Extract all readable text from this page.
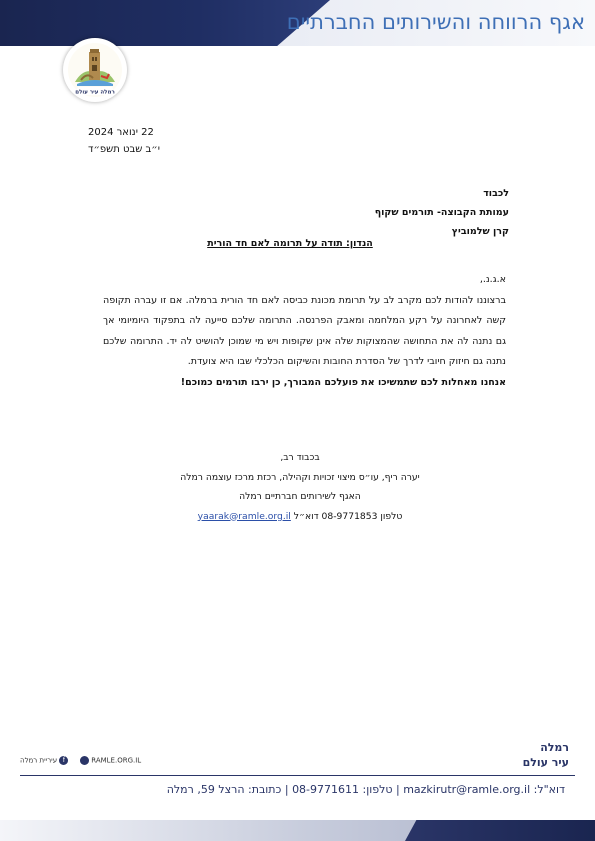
אגף הרווחה והשירותים החברתיים
רמלה עיר עולם
22 ינואר 2024
י״ב שבט תשפ״ד
לכבוד
עמותת הקבוצה- תורמים שקוף
קרן שלמוביץ
הנדון: תודה על תרומה לאם חד הורית

א.ג.נ.,

ברצוננו להודות לכם מקרב לב על תרומת מכונת כביסה לאם חד הורית ברמלה. אם זו עברה תקופה קשה לאחרונה על רקע המלחמה ומאבק הפרנסה. התרומה שלכם סייעה לה בתפקוד היומיומי אך גם נתנה לה את התחושה שהמצוקות שלה אינן שקופות ויש מי שמוכן להושיט לה יד. התרומה שלכם נתנה גם חיזוק חיובי לדרך של הסדרת החובות והשיקום הכלכלי שבו היא צועדת.

אנחנו מאחלות לכם שתמשיכו את פועלכם המבורך, כן ירבו תורמים כמוכם!

בכבוד רב,
יערה ריף, עו״ס מיצוי זכויות וקהילה, רכזת מרכז עוצמה רמלה
האגף לשירותים חברתיים רמלה
טלפון 08-9771853 דוא״ל yaarak@ramle.org.il
רמלה
עיר עולם
f עיריית רמלה	RAMLE.ORG.IL
דוא"ל: mazkirutr@ramle.org.il | טלפון: 08-9771611 | כתובת: הרצל 59, רמלה
